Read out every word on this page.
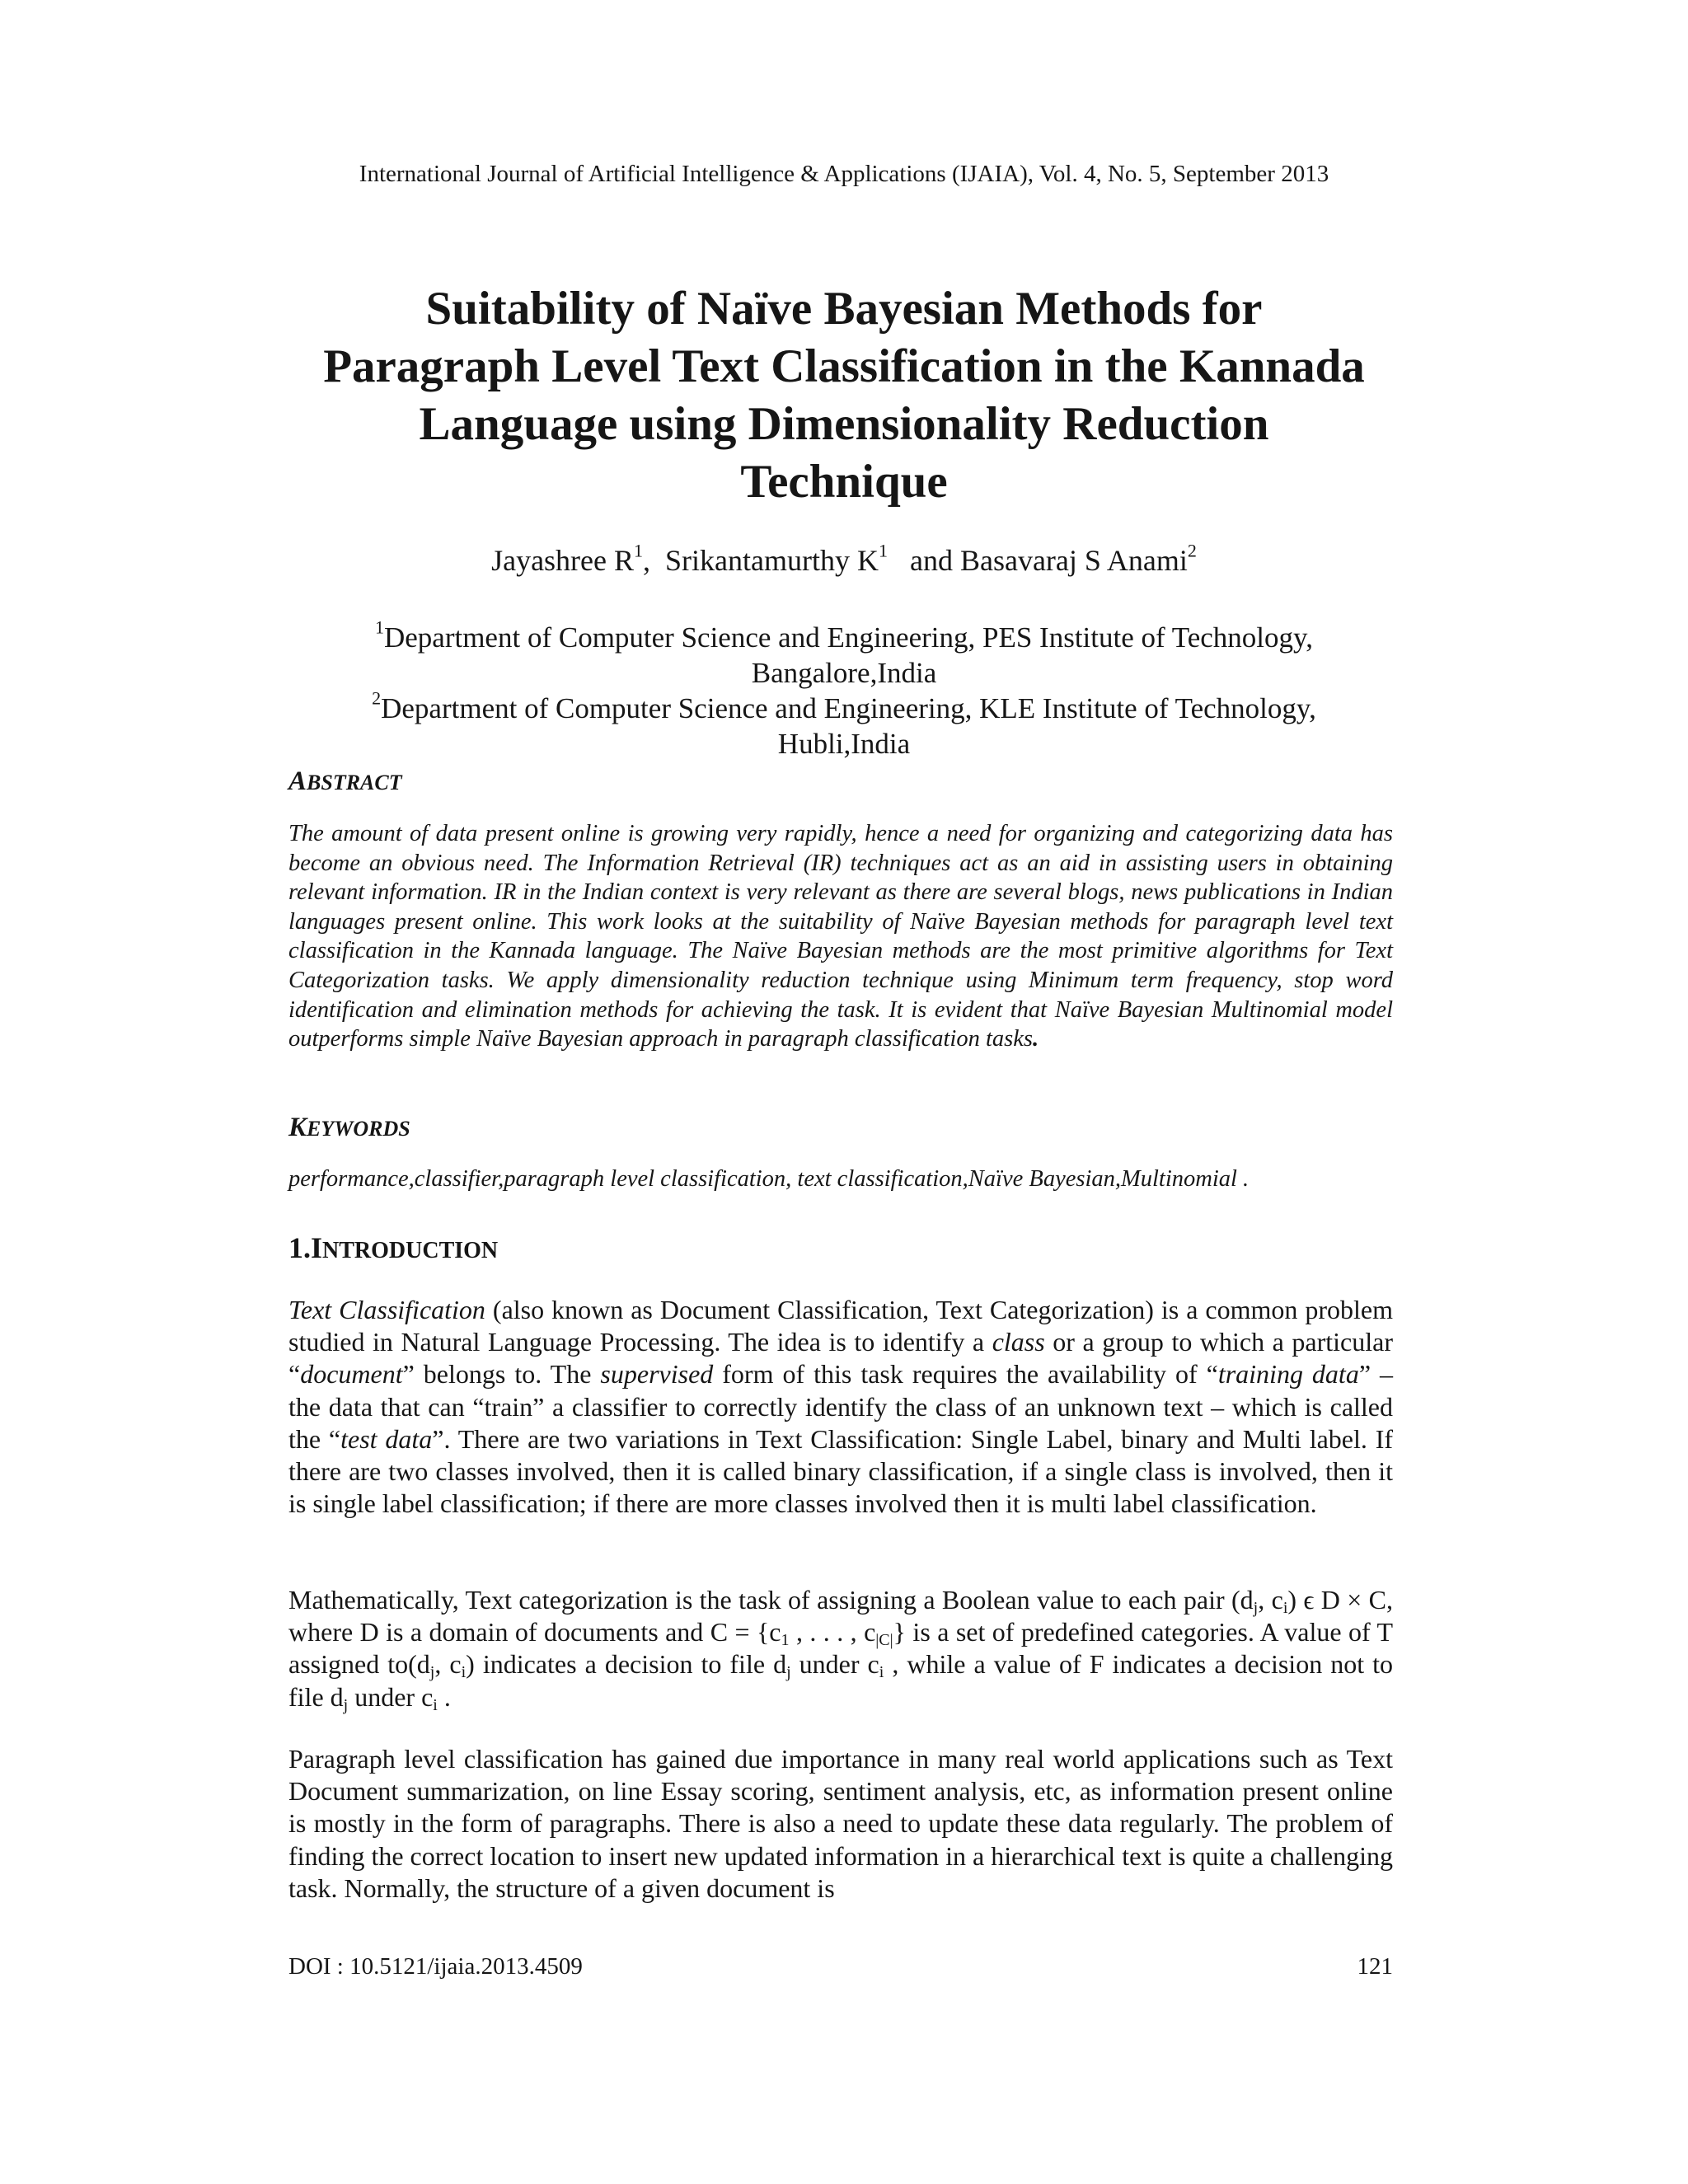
International Journal of Artificial Intelligence & Applications (IJAIA), Vol. 4, No. 5, September 2013
Suitability of Naïve Bayesian Methods for
Paragraph Level Text Classification in the Kannada
Language using Dimensionality Reduction
Technique
Jayashree $R^1$, Srikantamurthy $K^1$ and Basavaraj S Anami$^2$
$^1$Department of Computer Science and Engineering, PES Institute of Technology,
Bangalore,India
$^2$Department of Computer Science and Engineering, KLE Institute of Technology,
Hubli,India
ABSTRACT

The amount of data present online is growing very rapidly, hence a need for organizing and categorizing data has become an obvious need. The Information Retrieval (IR) techniques act as an aid in assisting users in obtaining relevant information. IR in the Indian context is very relevant as there are several blogs, news publications in Indian languages present online. This work looks at the suitability of Naïve Bayesian methods for paragraph level text classification in the Kannada language. The Naïve Bayesian methods are the most primitive algorithms for Text Categorization tasks. We apply dimensionality reduction technique using Minimum term frequency, stop word identification and elimination methods for achieving the task. It is evident that Naïve Bayesian Multinomial model outperforms simple Naïve Bayesian approach in paragraph classification tasks.

KEYWORDS

performance,classifier,paragraph level classification, text classification,Naïve Bayesian,Multinomial .

1.INTRODUCTION

Text Classification (also known as Document Classification, Text Categorization) is a common problem studied in Natural Language Processing. The idea is to identify a class or a group to which a particular “document” belongs to. The supervised form of this task requires the availability of “training data” – the data that can “train” a classifier to correctly identify the class of an unknown text – which is called the “test data”. There are two variations in Text Classification: Single Label, binary and Multi label. If there are two classes involved, then it is called binary classification, if a single class is involved, then it is single label classification; if there are more classes involved then it is multi label classification.

Mathematically, Text categorization is the task of assigning a Boolean value to each pair ($d_j$, $c_i$) ϵ D × C, where D is a domain of documents and $C = \{c_1$ , . . . , $c_{|C|}$} is a set of predefined categories. A value of T assigned $to(d_j$, $c_i$) indicates a decision to file $d_j$ under $c_i$ , while a value of F indicates a decision not to file $d_j$ under $c_i$ .

Paragraph level classification has gained due importance in many real world applications such as Text Document summarization, on line Essay scoring, sentiment analysis, etc, as information present online is mostly in the form of paragraphs. There is also a need to update these data regularly. The problem of finding the correct location to insert new updated information in a hierarchical text is quite a challenging task. Normally, the structure of a given document is

DOI : 10.5121/ijaia.2013.4509	121
